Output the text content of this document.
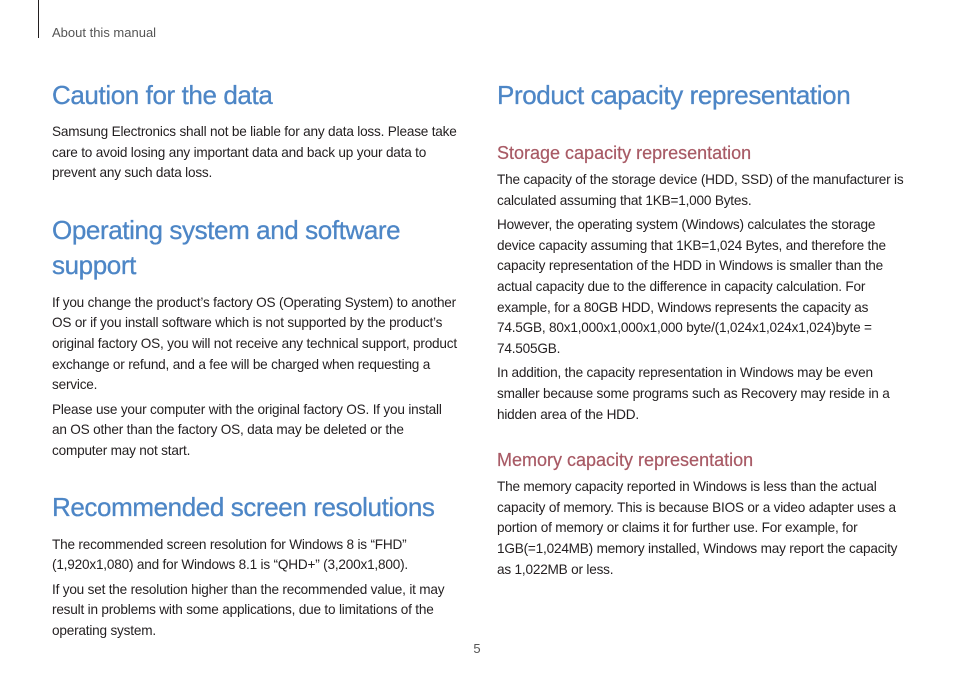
About this manual
Caution for the data

Samsung Electronics shall not be liable for any data loss. Please take care to avoid losing any important data and back up your data to prevent any such data loss.

Operating system and software support

If you change the product’s factory OS (Operating System) to another OS or if you install software which is not supported by the product’s original factory OS, you will not receive any technical support, product exchange or refund, and a fee will be charged when requesting a service.

Please use your computer with the original factory OS. If you install an OS other than the factory OS, data may be deleted or the computer may not start.

Recommended screen resolutions

The recommended screen resolution for Windows 8 is “FHD” (1,920x1,080) and for Windows 8.1 is “QHD+” (3,200x1,800).

If you set the resolution higher than the recommended value, it may result in problems with some applications, due to limitations of the operating system.

Product capacity representation
Storage capacity representation

The capacity of the storage device (HDD, SSD) of the manufacturer is calculated assuming that 1KB=1,000 Bytes.

However, the operating system (Windows) calculates the storage device capacity assuming that 1KB=1,024 Bytes, and therefore the capacity representation of the HDD in Windows is smaller than the actual capacity due to the difference in capacity calculation. For example, for a 80GB HDD, Windows represents the capacity as 74.5GB, 80x1,000x1,000x1,000 byte/(1,024x1,024x1,024)byte = 74.505GB.

In addition, the capacity representation in Windows may be even smaller because some programs such as Recovery may reside in a hidden area of the HDD.

Memory capacity representation

The memory capacity reported in Windows is less than the actual capacity of memory. This is because BIOS or a video adapter uses a portion of memory or claims it for further use. For example, for 1GB(=1,024MB) memory installed, Windows may report the capacity as 1,022MB or less.

5
